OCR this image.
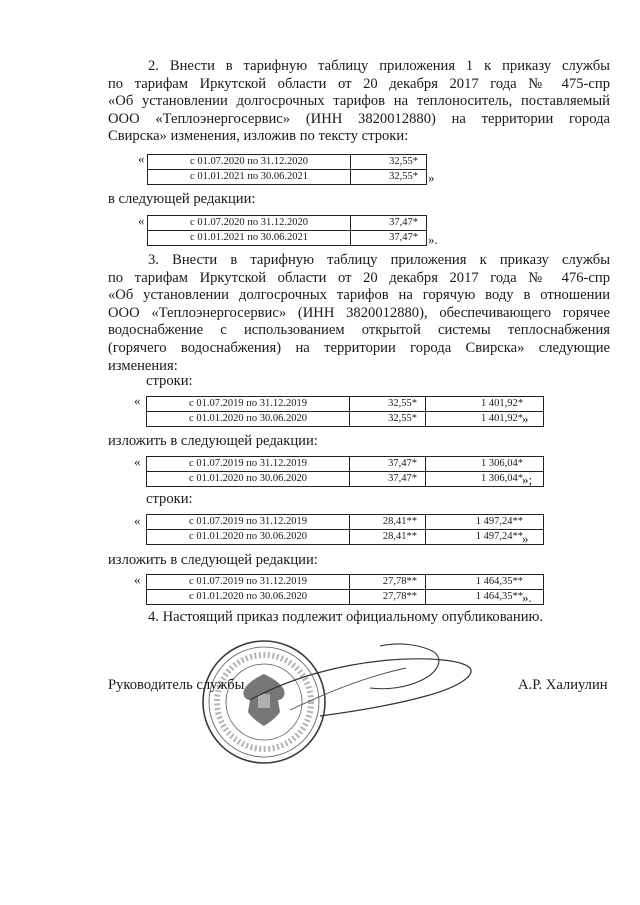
2. Внести в тарифную таблицу приложения 1 к приказу службы
по тарифам Иркутской области от 20 декабря 2017 года № 475-спр
«Об установлении долгосрочных тарифов на теплоноситель, поставляемый
ООО «Теплоэнергосервис» (ИНН 3820012880) на территории города
Свирска» изменения, изложив по тексту строки:
«	с 01.07.2020 по 31.12.2020	32,55*
с 01.01.2021 по 30.06.2021	32,55* »
в следующей редакции:
«	с 01.07.2020 по 31.12.2020	37,47*
с 01.01.2021 по 30.06.2021	37,47* ».
3. Внести в тарифную таблицу приложения к приказу службы
по тарифам Иркутской области от 20 декабря 2017 года № 476-спр
«Об установлении долгосрочных тарифов на горячую воду в отношении
ООО «Теплоэнергосервис» (ИНН 3820012880), обеспечивающего горячее
водоснабжение с использованием открытой системы теплоснабжения
(горячего водоснабжения) на территории города Свирска» следующие
изменения:
строки:
«	с 01.07.2019 по 31.12.2019	32,55*	1 401,92*
с 01.01.2020 по 30.06.2020	32,55*	1 401,92* »
изложить в следующей редакции:
«	с 01.07.2019 по 31.12.2019	37,47*	1 306,04*
с 01.01.2020 по 30.06.2020	37,47*	1 306,04* »;
строки:
«	с 01.07.2019 по 31.12.2019	28,41**	1 497,24**
с 01.01.2020 по 30.06.2020	28,41**	1 497,24** »
изложить в следующей редакции:
«	с 01.07.2019 по 31.12.2019	27,78**	1 464,35**
с 01.01.2020 по 30.06.2020	27,78**	1 464,35** ».
4. Настоящий приказ подлежит официальному опубликованию.
Руководитель службы	А.Р. Халиулин
